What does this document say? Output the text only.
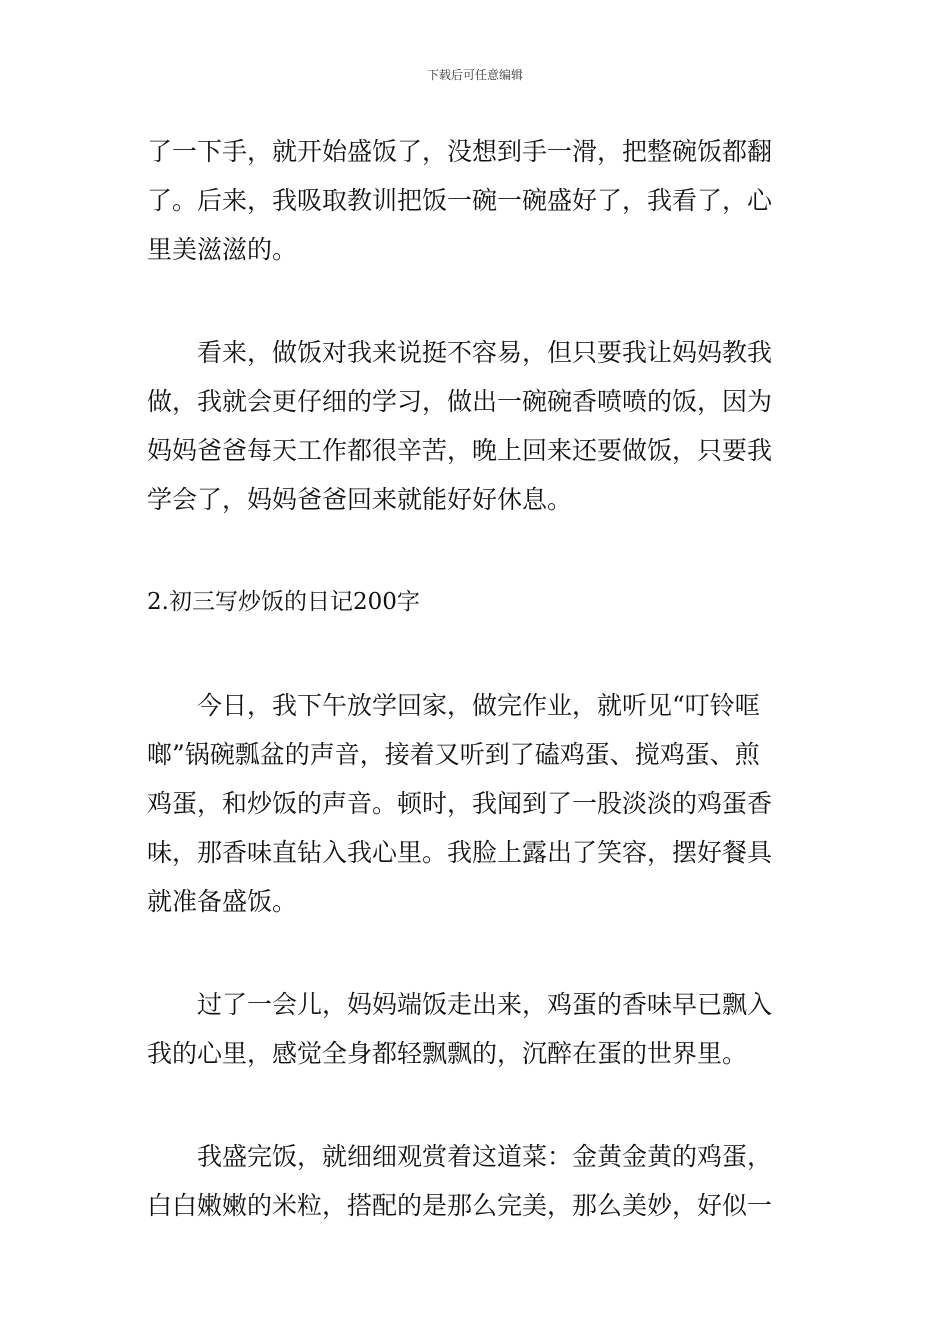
下载后可任意编辑
了一下手，就开始盛饭了，没想到手一滑，把整碗饭都翻
了。后来，我吸取教训把饭一碗一碗盛好了，我看了，心
里美滋滋的。
看来，做饭对我来说挺不容易，但只要我让妈妈教我
做，我就会更仔细的学习，做出一碗碗香喷喷的饭，因为
妈妈爸爸每天工作都很辛苦，晚上回来还要做饭，只要我
学会了，妈妈爸爸回来就能好好休息。
2.初三写炒饭的日记200字
今日，我下午放学回家，做完作业，就听见“叮铃哐
啷”锅碗瓢盆的声音，接着又听到了磕鸡蛋、搅鸡蛋、煎
鸡蛋，和炒饭的声音。顿时，我闻到了一股淡淡的鸡蛋香
味，那香味直钻入我心里。我脸上露出了笑容，摆好餐具
就准备盛饭。
过了一会儿，妈妈端饭走出来，鸡蛋的香味早已飘入
我的心里，感觉全身都轻飘飘的，沉醉在蛋的世界里。
我盛完饭，就细细观赏着这道菜：金黄金黄的鸡蛋，
白白嫩嫩的米粒，搭配的是那么完美，那么美妙，好似一
